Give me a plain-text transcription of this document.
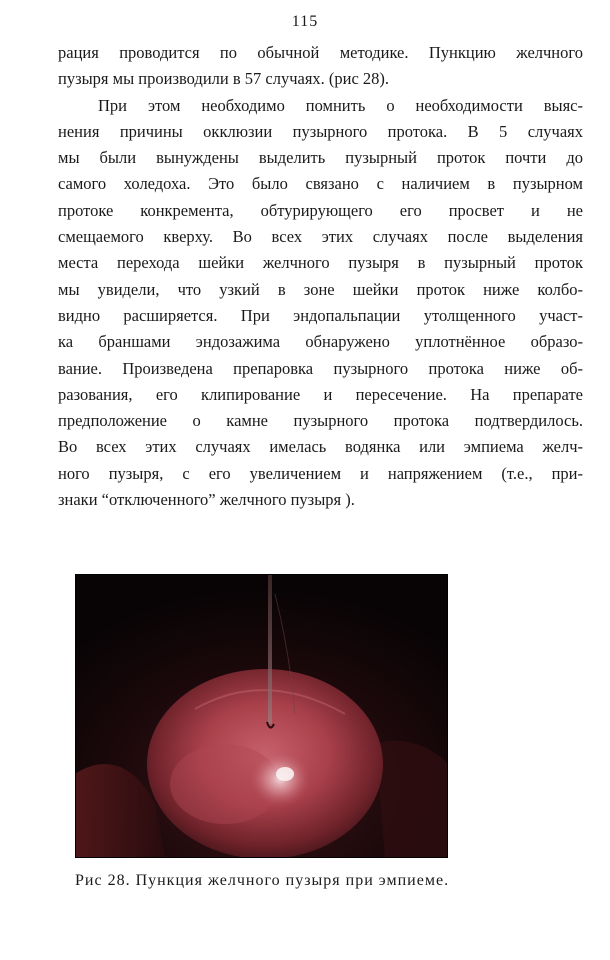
115
рация проводится по обычной методике. Пункцию желчного
пузыря мы производили в 57 случаях. (рис 28).
При этом необходимо помнить о необходимости выяс-
нения причины окклюзии пузырного протока. В 5 случаях
мы были вынуждены выделить пузырный проток почти до
самого холедоха. Это было связано с наличием в пузырном
протоке конкремента, обтурирующего его просвет и не
смещаемого кверху. Во всех этих случаях после выделения
места перехода шейки желчного пузыря в пузырный проток
мы увидели, что узкий в зоне шейки проток ниже колбо-
видно расширяется. При эндопальпации утолщенного участ-
ка браншами эндозажима обнаружено уплотнённое образо-
вание. Произведена препаровка пузырного протока ниже об-
разования, его клипирование и пересечение. На препарате
предположение о камне пузырного протока подтвердилось.
Во всех этих случаях имелась водянка или эмпиема желч-
ного пузыря, с его увеличением и напряжением (т.е., при-
знаки “отключенного” желчного пузыря ).
Рис 28. Пункция желчного пузыря при эмпиеме.
